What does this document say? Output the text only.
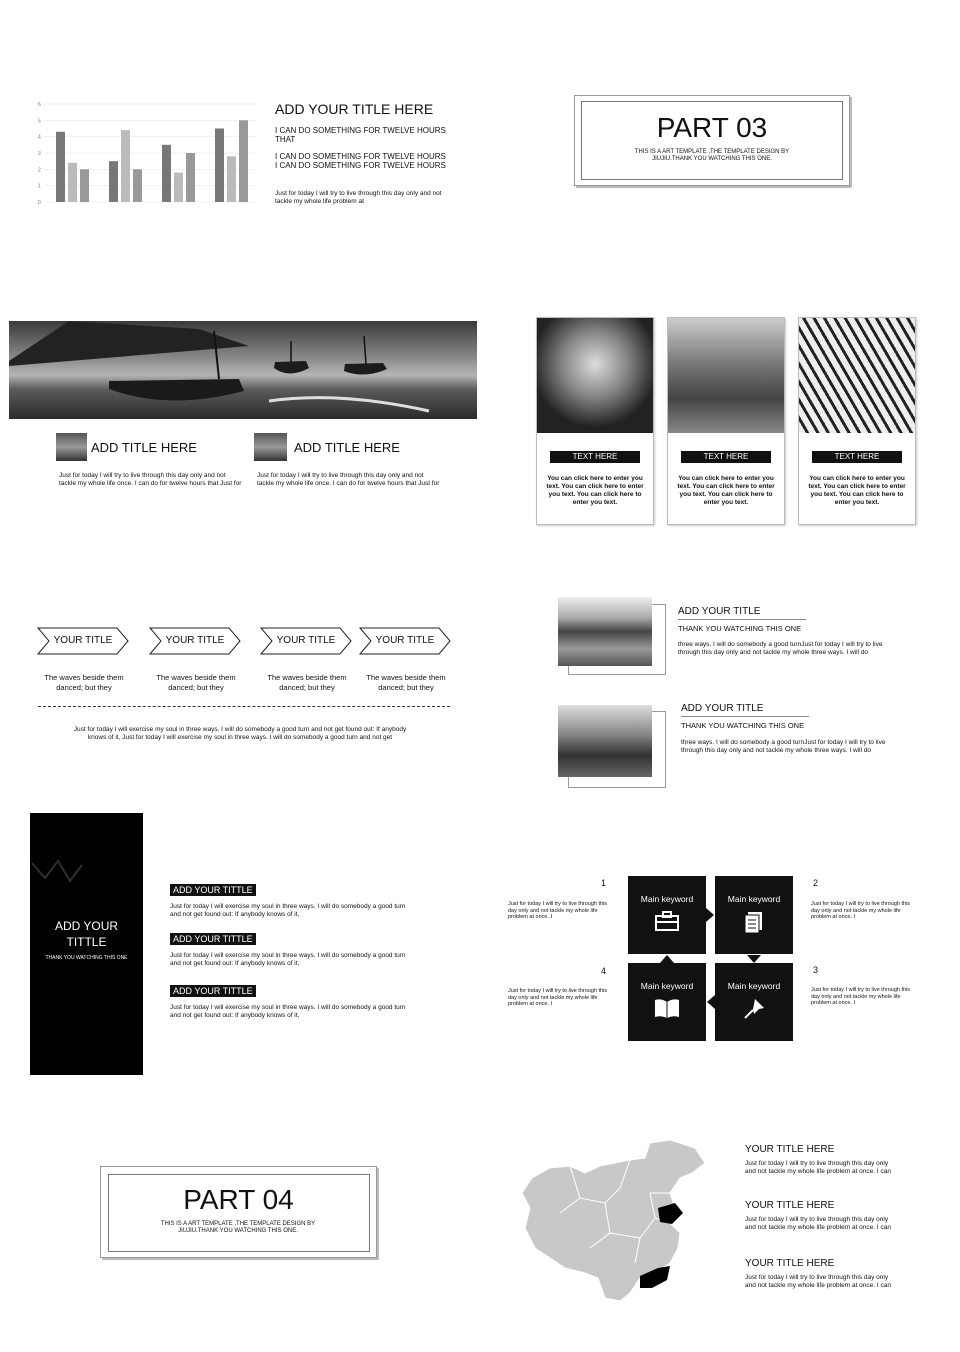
0
1
2
3
4
5
6	ADD YOUR TITLE HERE
I CAN DO SOMETHING FOR TWELVE HOURS THAT
I CAN DO SOMETHING FOR TWELVE HOURS I CAN DO SOMETHING FOR TWELVE HOURS
Just for today I will try to live through this day only and not tackle my whole life problem at
PART 03
THIS IS A ART TEMPLATE ,THE TEMPLATE DESIGN BY JIUJIU.THANK YOU WATCHING THIS ONE.
ADD TITLE HERE
Just for today I will try to live through this day only and not tackle my whole life once. I can do for twelve hours that Just for
ADD TITLE HERE
Just for today I will try to live through this day only and not tackle my whole life once. I can do for twelve hours that Just for
TEXT HERE
You can click here to enter you text. You can click here to enter you text. You can click here to enter you text.
TEXT HERE
You can click here to enter you text. You can click here to enter you text. You can click here to enter you text.
TEXT HERE
You can click here to enter you text. You can click here to enter you text. You can click here to enter you text.
YOUR TITLE	YOUR TITLE	YOUR TITLE	YOUR TITLE
The waves beside them danced; but they
The waves beside them danced; but they
The waves beside them danced; but they
The waves beside them danced; but they
Just for today I will exercise my soul in three ways. I will do somebody a good turn and not get found out: If anybody knows of it, Just for today I will exercise my soul in three ways. I will do somebody a good turn and not get
ADD YOUR TITLE
THANK YOU WATCHING THIS ONE
three ways. I will do somebody a good turnJust for today I will try to live through this day only and not tackle my whole three ways. I will do
ADD YOUR TITLE
THANK YOU WATCHING THIS ONE
three ways. I will do somebody a good turnJust for today I will try to live through this day only and not tackle my whole three ways. I will do
ADD YOUR TITTLE
THANK YOU WATCHING THIS ONE
ADD YOUR TITTLE
Just for today I will exercise my soul in three ways. I will do somebody a good turn and not get found out: If anybody knows of it,
ADD YOUR TITTLE
Just for today I will exercise my soul in three ways. I will do somebody a good turn and not get found out: If anybody knows of it,
ADD YOUR TITTLE
Just for today I will exercise my soul in three ways. I will do somebody a good turn and not get found out: If anybody knows of it,
Main keyword	Main keyword
Main keyword	Main keyword
1	2
3
4
Just for today I will try to live through this day only and not tackle my whole life problem at once. I
Just for today I will try to live through this day only and not tackle my whole life problem at once. I
Just for today I will try to live through this day only and not tackle my whole life problem at once. I
Just for today I will try to live through this day only and not tackle my whole life problem at once. I
PART 04
THIS IS A ART TEMPLATE ,THE TEMPLATE DESIGN BY JIUJIU.THANK YOU WATCHING THIS ONE.
YOUR TITLE HERE
Just for today I will try to live through this day only and not tackle my whole life problem at once. I can
YOUR TITLE HERE
Just for today I will try to live through this day only and not tackle my whole life problem at once. I can
YOUR TITLE HERE
Just for today I will try to live through this day only and not tackle my whole life problem at once. I can
